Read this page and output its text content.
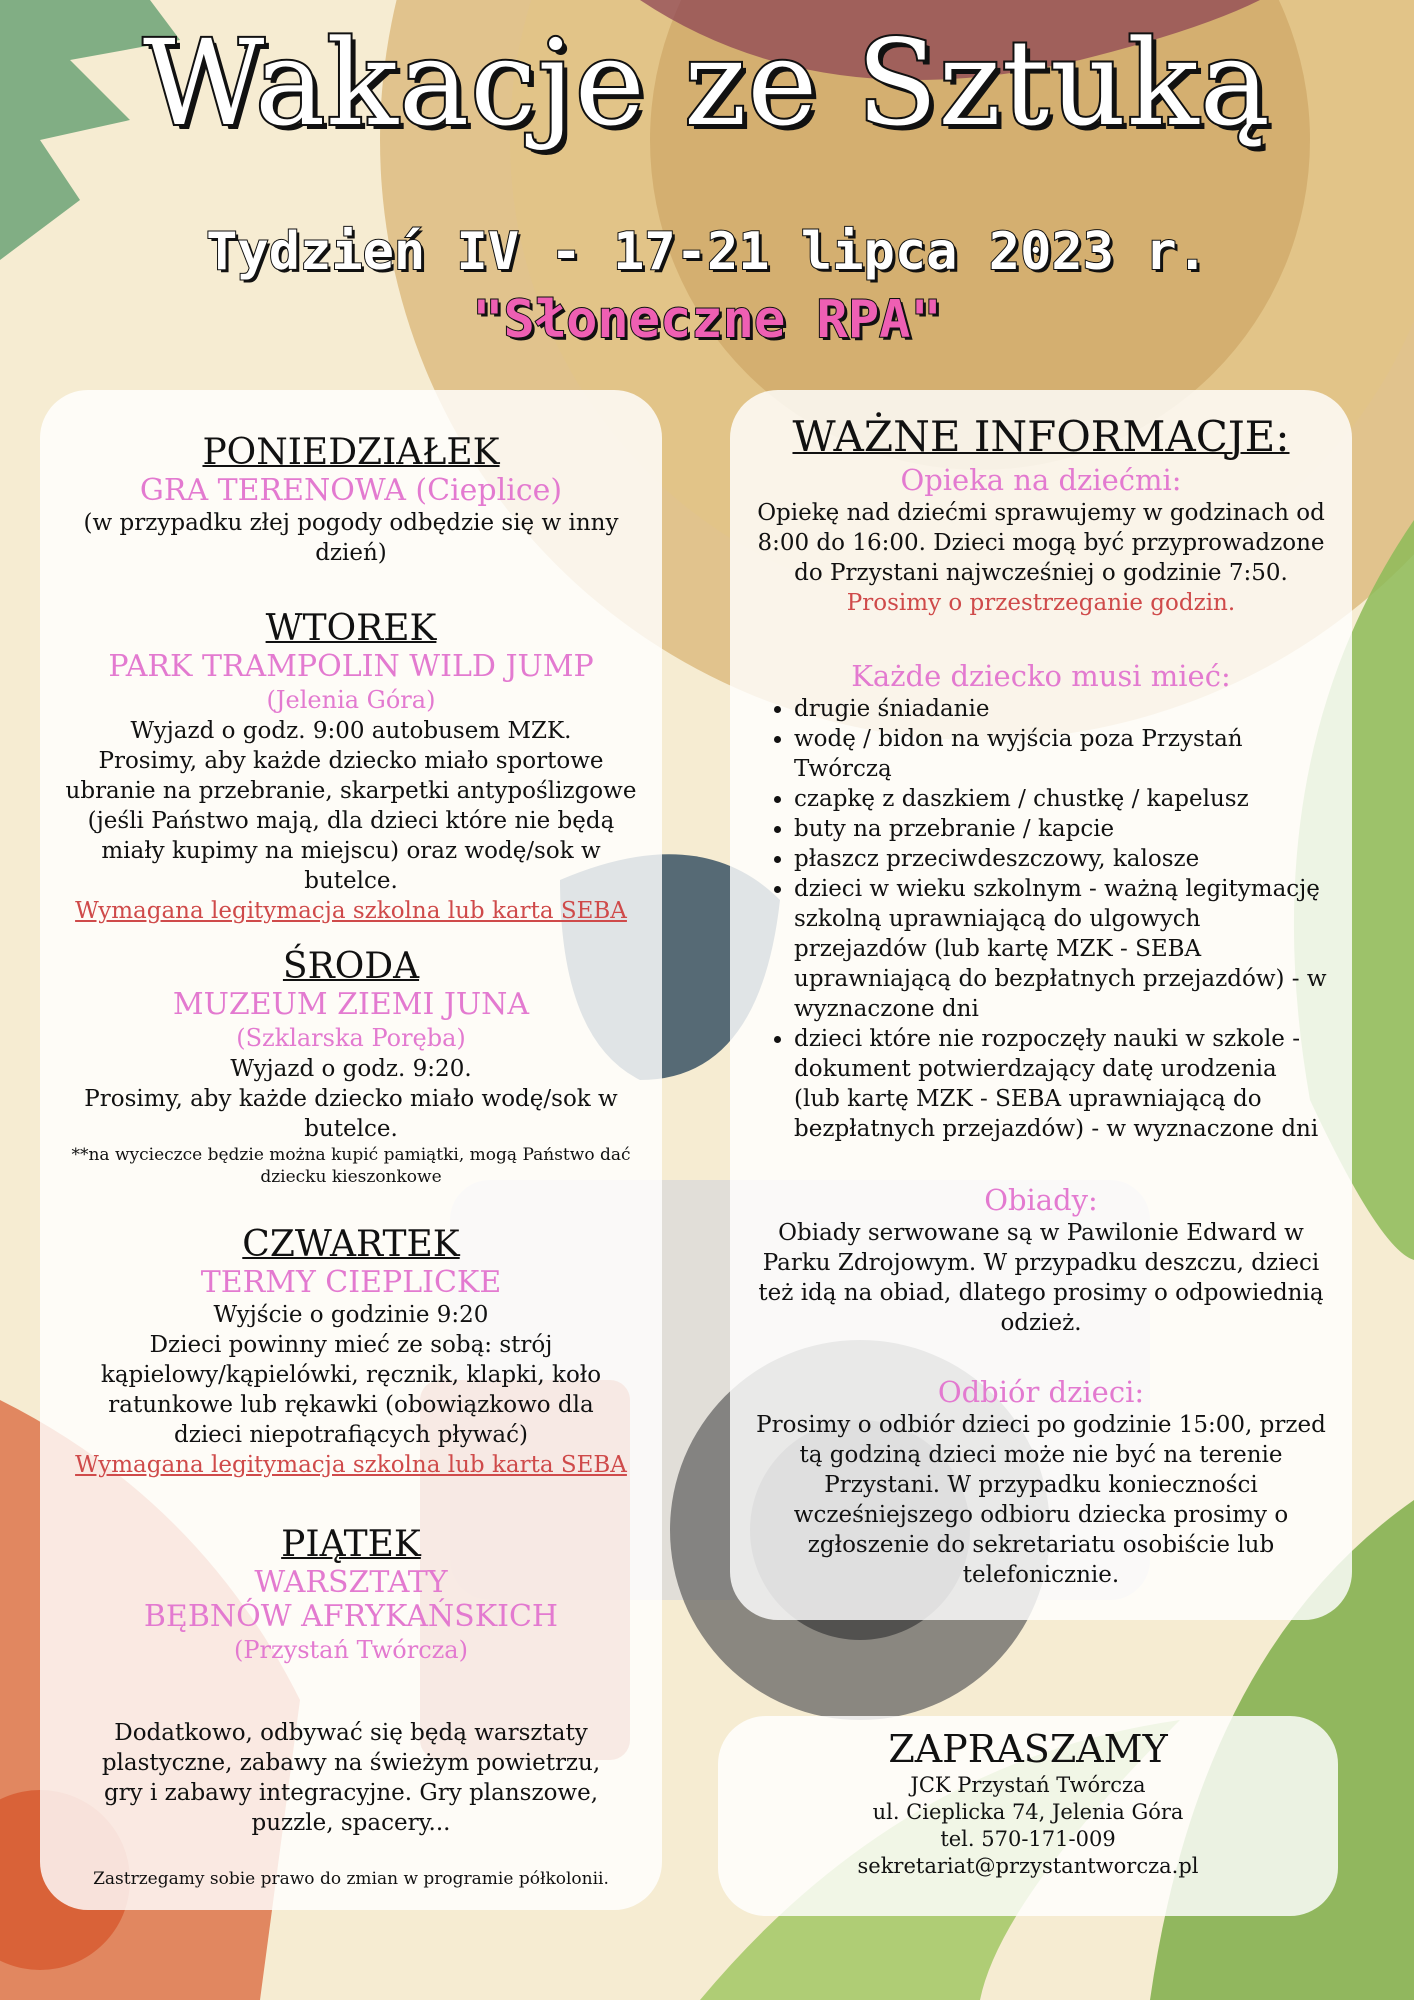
Wakacje ze Sztuką
Tydzień IV - 17-21 lipca 2023 r.
"Słoneczne RPA"
PONIEDZIAŁEK
GRA TERENOWA (Cieplice)
(w przypadku złej pogody odbędzie się w inny dzień)
WTOREK
PARK TRAMPOLIN WILD JUMP
(Jelenia Góra)
Wyjazd o godz. 9:00 autobusem MZK.
Prosimy, aby każde dziecko miało sportowe ubranie na przebranie, skarpetki antypoślizgowe (jeśli Państwo mają, dla dzieci które nie będą miały kupimy na miejscu) oraz wodę/sok w butelce.
Wymagana legitymacja szkolna lub karta SEBA
ŚRODA
MUZEUM ZIEMI JUNA
(Szklarska Poręba)
Wyjazd o godz. 9:20.
Prosimy, aby każde dziecko miało wodę/sok w butelce.
**na wycieczce będzie można kupić pamiątki, mogą Państwo dać dziecku kieszonkowe
CZWARTEK
TERMY CIEPLICKE
Wyjście o godzinie 9:20
Dzieci powinny mieć ze sobą: strój kąpielowy/kąpielówki, ręcznik, klapki, koło ratunkowe lub rękawki (obowiązkowo dla dzieci niepotrafiących pływać)
Wymagana legitymacja szkolna lub karta SEBA
PIĄTEK
WARSZTATY
BĘBNÓW AFRYKAŃSKICH
(Przystań Twórcza)
Dodatkowo, odbywać się będą warsztaty plastyczne, zabawy na świeżym powietrzu, gry i zabawy integracyjne. Gry planszowe, puzzle, spacery...
Zastrzegamy sobie prawo do zmian w programie półkolonii.
WAŻNE INFORMACJE:
Opieka na dziećmi:
Opiekę nad dziećmi sprawujemy w godzinach od 8:00 do 16:00. Dzieci mogą być przyprowadzone do Przystani najwcześniej o godzinie 7:50.
Prosimy o przestrzeganie godzin.
Każde dziecko musi mieć:
• drugie śniadanie
• wodę / bidon na wyjścia poza Przystań Twórczą
• czapkę z daszkiem / chustkę / kapelusz
• buty na przebranie / kapcie
• płaszcz przeciwdeszczowy, kalosze
• dzieci w wieku szkolnym - ważną legitymację szkolną uprawniającą do ulgowych przejazdów (lub kartę MZK - SEBA uprawniającą do bezpłatnych przejazdów) - w wyznaczone dni
• dzieci które nie rozpoczęły nauki w szkole - dokument potwierdzający datę urodzenia (lub kartę MZK - SEBA uprawniającą do bezpłatnych przejazdów) - w wyznaczone dni
Obiady:
Obiady serwowane są w Pawilonie Edward w Parku Zdrojowym. W przypadku deszczu, dzieci też idą na obiad, dlatego prosimy o odpowiednią odzież.
Odbiór dzieci:
Prosimy o odbiór dzieci po godzinie 15:00, przed tą godziną dzieci może nie być na terenie Przystani. W przypadku konieczności wcześniejszego odbioru dziecka prosimy o zgłoszenie do sekretariatu osobiście lub telefonicznie.
ZAPRASZAMY
JCK Przystań Twórcza
ul. Cieplicka 74, Jelenia Góra
tel. 570-171-009
sekretariat@przystantworcza.pl
